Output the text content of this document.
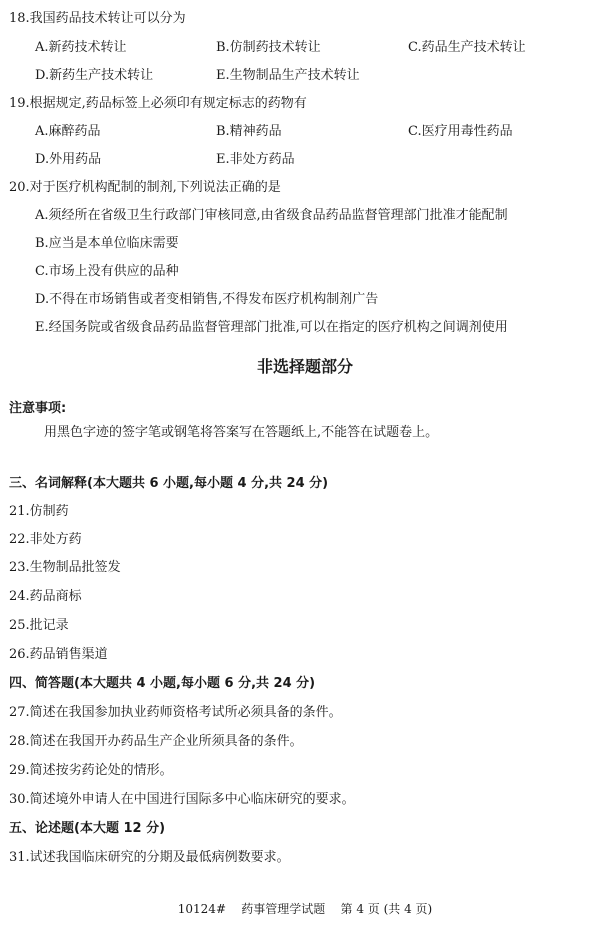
18.我国药品技术转让可以分为
A.新药技术转让	B.仿制药技术转让	C.药品生产技术转让
D.新药生产技术转让	E.生物制品生产技术转让
19.根据规定,药品标签上必须印有规定标志的药物有
A.麻醉药品	B.精神药品	C.医疗用毒性药品
D.外用药品	E.非处方药品
20.对于医疗机构配制的制剂,下列说法正确的是
A.须经所在省级卫生行政部门审核同意,由省级食品药品监督管理部门批准才能配制
B.应当是本单位临床需要
C.市场上没有供应的品种
D.不得在市场销售或者变相销售,不得发布医疗机构制剂广告
E.经国务院或省级食品药品监督管理部门批准,可以在指定的医疗机构之间调剂使用
非选择题部分
注意事项:
用黑色字迹的签字笔或钢笔将答案写在答题纸上,不能答在试题卷上。
三、名词解释(本大题共 6 小题,每小题 4 分,共 24 分)
21.仿制药
22.非处方药
23.生物制品批签发
24.药品商标
25.批记录
26.药品销售渠道
四、简答题(本大题共 4 小题,每小题 6 分,共 24 分)
27.简述在我国参加执业药师资格考试所必须具备的条件。
28.简述在我国开办药品生产企业所须具备的条件。
29.简述按劣药论处的情形。
30.简述境外申请人在中国进行国际多中心临床研究的要求。
五、论述题(本大题 12 分)
31.试述我国临床研究的分期及最低病例数要求。
10124#    药事管理学试题    第 4 页 (共 4 页)
